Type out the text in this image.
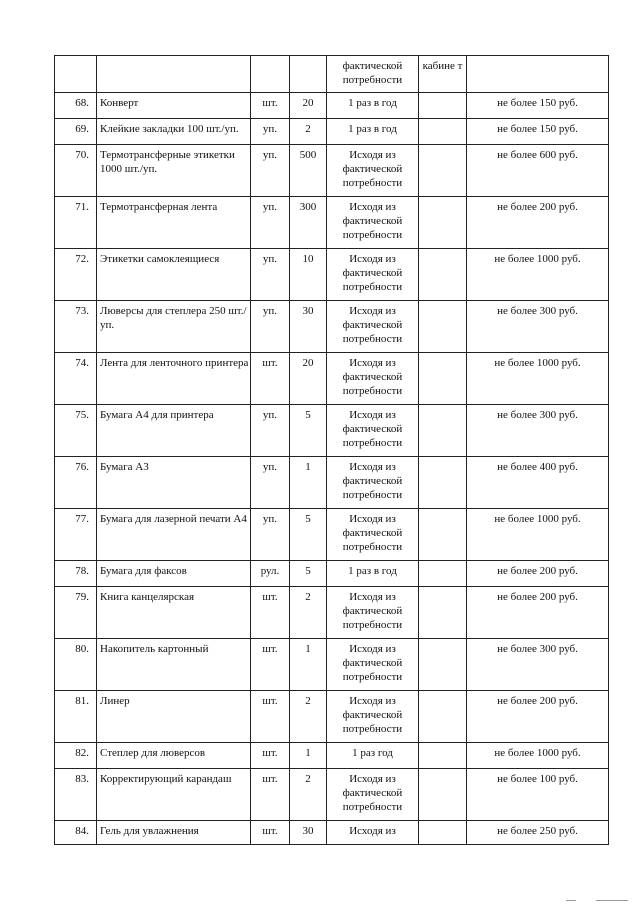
				фактической потребности	кабине т	
68.	Конверт	шт.	20	1 раз в год		не более 150 руб.
69.	Клейкие закладки 100 шт./уп.	уп.	2	1 раз в год		не более 150 руб.
70.	Термотрансферные этикетки 1000 шт./уп.	уп.	500	Исходя из фактической потребности		не более 600 руб.
71.	Термотрансферная лента	уп.	300	Исходя из фактической потребности		не более 200 руб.
72.	Этикетки самоклеящиеся	уп.	10	Исходя из фактической потребности		не более 1000 руб.
73.	Люверсы для степлера 250 шт./уп.	уп.	30	Исходя из фактической потребности		не более 300 руб.
74.	Лента для ленточного принтера	шт.	20	Исходя из фактической потребности		не более 1000 руб.
75.	Бумага А4 для принтера	уп.	5	Исходя из фактической потребности		не более 300 руб.
76.	Бумага А3	уп.	1	Исходя из фактической потребности		не более 400 руб.
77.	Бумага для лазерной печати А4	уп.	5	Исходя из фактической потребности		не более 1000 руб.
78.	Бумага для факсов	рул.	5	1 раз в год		не более 200 руб.
79.	Книга канцелярская	шт.	2	Исходя из фактической потребности		не более 200 руб.
80.	Накопитель картонный	шт.	1	Исходя из фактической потребности		не более 300 руб.
81.	Линер	шт.	2	Исходя из фактической потребности		не более 200 руб.
82.	Степлер для люверсов	шт.	1	1 раз год		не более 1000 руб.
83.	Корректирующий карандаш	шт.	2	Исходя из фактической потребности		не более 100 руб.
84.	Гель для увлажнения	шт.	30	Исходя из		не более 250 руб.
